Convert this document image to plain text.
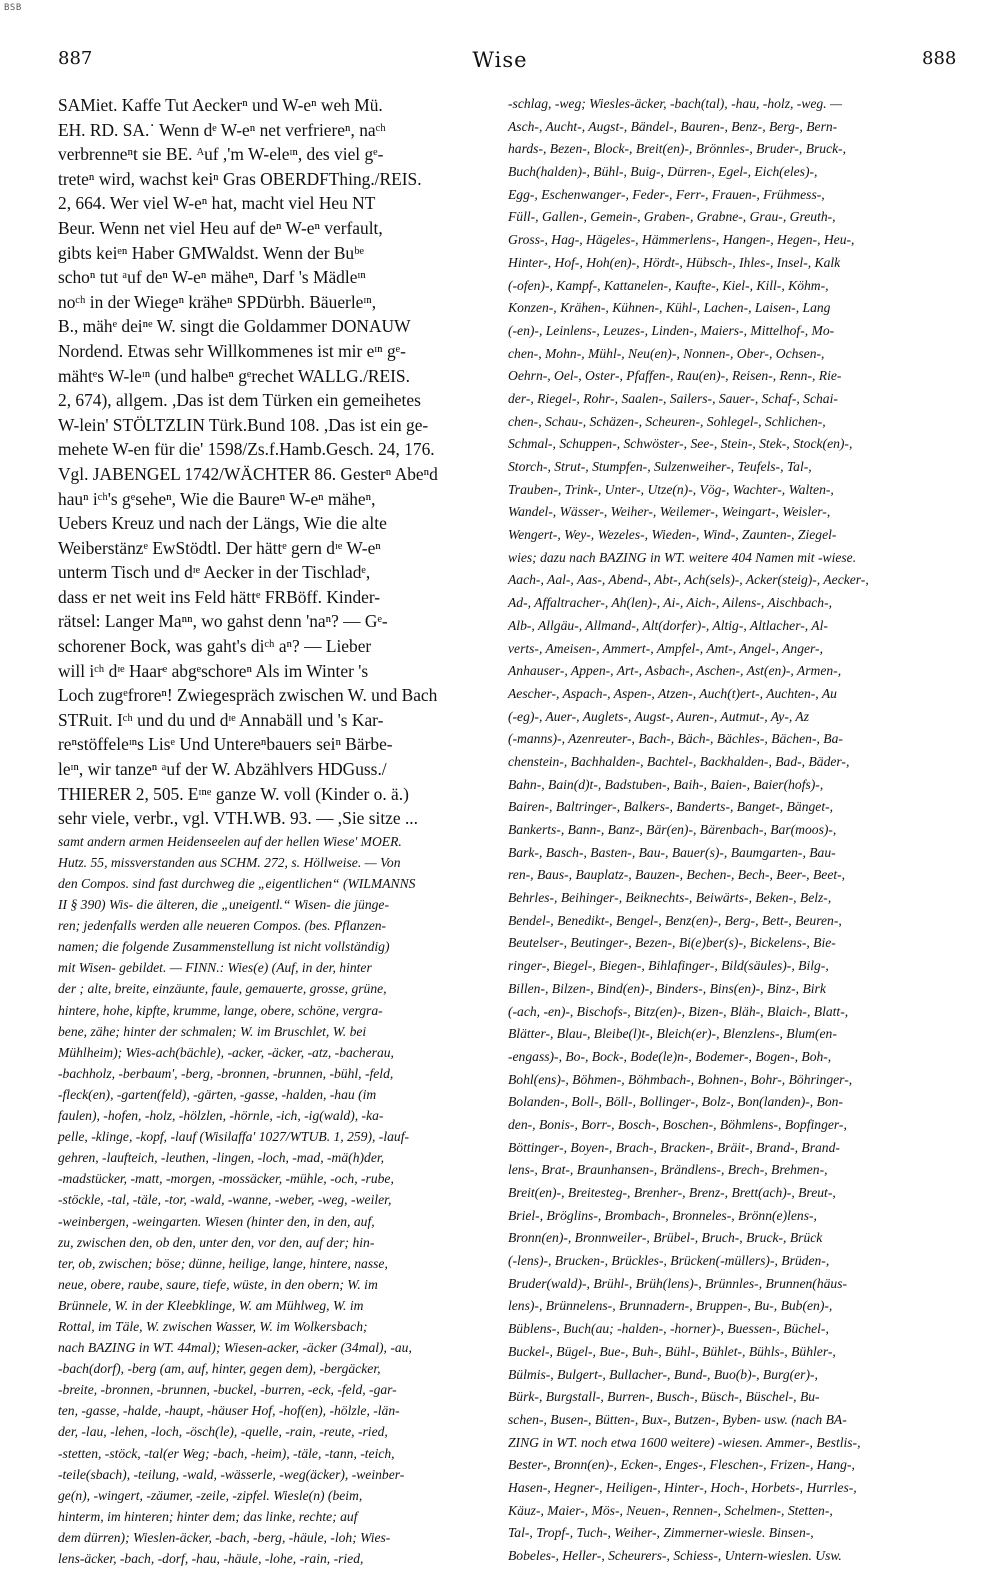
BSB
887	Wise	888
SAMiet. Kaffe Tut Aeckerⁿ und W-eⁿ weh Mü.
EH. RD. SA.˙ Wenn dᵉ W-eⁿ net verfriereⁿ, naᶜʰ
verbrenneⁿt sie BE. ᴬuf ,'m W-eleᶦⁿ, des viel gᵉ-
treteⁿ wird, wachst keiⁿ Gras OBERDFThing./REIS.
2, 664. Wer viel W-eⁿ hat, macht viel Heu NT
Beur. Wenn net viel Heu auf deⁿ W-eⁿ verfault,
gibts keiᵉⁿ Haber GMWaldst. Wenn der Buᵇᵉ
schoⁿ tut ᵃuf deⁿ W-eⁿ mäheⁿ, Darf 's Mädleᶦⁿ
noᶜʰ in der Wiegeⁿ kräheⁿ SPDürbh. Bäuerleᶦⁿ,
B., mähᵉ deiⁿᵉ W. singt die Goldammer DONAUW
Nordend. Etwas sehr Willkommenes ist mir eᶦⁿ gᵉ-
mähtᵉs W-leᶦⁿ (und halbeⁿ gᵉrechet WALLG./REIS.
2, 674), allgem. ,Das ist dem Türken ein gemeihetes
W-lein' STÖLTZLIN Türk.Bund 108. ,Das ist ein ge-
mehete W-en für die' 1598/Zs.f.Hamb.Gesch. 24, 176.
Vgl. JABENGEL 1742/WÄCHTER 86. Gesterⁿ Abeⁿd
hauⁿ iᶜʰ's gᵉseheⁿ, Wie die Baureⁿ W-eⁿ mäheⁿ,
Uebers Kreuz und nach der Längs, Wie die alte
Weiberstänzᵉ EwStödtl. Der hättᵉ gern dᶦᵉ W-eⁿ
unterm Tisch und dᶦᵉ Aecker in der Tischladᵉ,
dass er net weit ins Feld hättᵉ FRBöff. Kinder-
rätsel: Langer Maⁿⁿ, wo gahst denn 'naⁿ? — Gᵉ-
schorener Bock, was gaht's diᶜʰ aⁿ? — Lieber
will iᶜʰ dᶦᵉ Haarᵉ abgᵉschoreⁿ Als im Winter 's
Loch zugᵉfroreⁿ! Zwiegespräch zwischen W. und Bach
STRuit. Iᶜʰ und du und dᶦᵉ Annabäll und 's Kar-
reⁿstöffeleᶦⁿs Lisᵉ Und Untereⁿbauers seiⁿ Bärbe-
leᶦⁿ, wir tanzeⁿ ᵃuf der W. Abzählvers HDGuss./
THIERER 2, 505. Eᶦⁿᵉ ganze W. voll (Kinder o. ä.)
sehr viele, verbr., vgl. VTH.WB. 93. — ,Sie sitze ...
samt andern armen Heidenseelen auf der hellen Wiese' MOER.
Hutz. 55, missverstanden aus SCHM. 272, s. Höllweise. — Von
den Compos. sind fast durchweg die „eigentlichen“ (WILMANNS
II § 390) Wis- die älteren, die „uneigentl.“ Wisen- die jünge-
ren; jedenfalls werden alle neueren Compos. (bes. Pflanzen-
namen; die folgende Zusammenstellung ist nicht vollständig)
mit Wisen- gebildet. — FINN.: Wies(e) (Auf, in der, hinter
der ; alte, breite, einzäunte, faule, gemauerte, grosse, grüne,
hintere, hohe, kipfte, krumme, lange, obere, schöne, vergra-
bene, zähe; hinter der schmalen; W. im Bruschlet, W. bei
Mühlheim); Wies-ach(bächle), -acker, -äcker, -atz, -bacherau,
-bachholz, -berbaum', -berg, -bronnen, -brunnen, -bühl, -feld,
-fleck(en), -garten(feld), -gärten, -gasse, -halden, -hau (im
faulen), -hofen, -holz, -hölzlen, -hörnle, -ich, -ig(wald), -ka-
pelle, -klinge, -kopf, -lauf (Wisilaffa' 1027/WTUB. 1, 259), -lauf-
gehren, -laufteich, -leuthen, -lingen, -loch, -mad, -mä(h)der,
-madstücker, -matt, -morgen, -mossäcker, -mühle, -och, -rube,
-stöckle, -tal, -täle, -tor, -wald, -wanne, -weber, -weg, -weiler,
-weinbergen, -weingarten. Wiesen (hinter den, in den, auf,
zu, zwischen den, ob den, unter den, vor den, auf der; hin-
ter, ob, zwischen; böse; dünne, heilige, lange, hintere, nasse,
neue, obere, raube, saure, tiefe, wüste, in den obern; W. im
Brünnele, W. in der Kleebklinge, W. am Mühlweg, W. im
Rottal, im Täle, W. zwischen Wasser, W. im Wolkersbach;
nach BAZING in WT. 44mal); Wiesen-acker, -äcker (34mal), -au,
-bach(dorf), -berg (am, auf, hinter, gegen dem), -bergäcker,
-breite, -bronnen, -brunnen, -buckel, -burren, -eck, -feld, -gar-
ten, -gasse, -halde, -haupt, -häuser Hof, -hof(en), -hölzle, -län-
der, -lau, -lehen, -loch, -ösch(le), -quelle, -rain, -reute, -ried,
-stetten, -stöck, -tal(er Weg; -bach, -heim), -täle, -tann, -teich,
-teile(sbach), -teilung, -wald, -wässerle, -weg(äcker), -weinber-
ge(n), -wingert, -zäumer, -zeile, -zipfel. Wiesle(n) (beim,
hinterm, im hinteren; hinter dem; das linke, rechte; auf
dem dürren); Wieslen-äcker, -bach, -berg, -häule, -loh; Wies-
lens-äcker, -bach, -dorf, -hau, -häule, -lohe, -rain, -ried,
-schlag, -weg; Wiesles-äcker, -bach(tal), -hau, -holz, -weg. —
Asch-, Aucht-, Augst-, Bändel-, Bauren-, Benz-, Berg-, Bern-
hards-, Bezen-, Block-, Breit(en)-, Brönnles-, Bruder-, Bruck-,
Buch(halden)-, Bühl-, Buig-, Dürren-, Egel-, Eich(eles)-,
Egg-, Eschenwanger-, Feder-, Ferr-, Frauen-, Frühmess-,
Füll-, Gallen-, Gemein-, Graben-, Grabne-, Grau-, Greuth-,
Gross-, Hag-, Hägeles-, Hämmerlens-, Hangen-, Hegen-, Heu-,
Hinter-, Hof-, Hoh(en)-, Hördt-, Hübsch-, Ihles-, Insel-, Kalk
(-ofen)-, Kampf-, Kattanelen-, Kaufte-, Kiel-, Kill-, Köhm-,
Konzen-, Krähen-, Kühnen-, Kühl-, Lachen-, Laisen-, Lang
(-en)-, Leinlens-, Leuzes-, Linden-, Maiers-, Mittelhof-, Mo-
chen-, Mohn-, Mühl-, Neu(en)-, Nonnen-, Ober-, Ochsen-,
Oehrn-, Oel-, Oster-, Pfaffen-, Rau(en)-, Reisen-, Renn-, Rie-
der-, Riegel-, Rohr-, Saalen-, Sailers-, Sauer-, Schaf-, Schai-
chen-, Schau-, Schäzen-, Scheuren-, Sohlegel-, Schlichen-,
Schmal-, Schuppen-, Schwöster-, See-, Stein-, Stek-, Stock(en)-,
Storch-, Strut-, Stumpfen-, Sulzenweiher-, Teufels-, Tal-,
Trauben-, Trink-, Unter-, Utze(n)-, Vög-, Wachter-, Walten-,
Wandel-, Wässer-, Weiher-, Weilemer-, Weingart-, Weisler-,
Wengert-, Wey-, Wezeles-, Wieden-, Wind-, Zaunten-, Ziegel-
wies; dazu nach BAZING in WT. weitere 404 Namen mit -wiese.
Aach-, Aal-, Aas-, Abend-, Abt-, Ach(sels)-, Acker(steig)-, Aecker-,
Ad-, Affaltracher-, Ah(len)-, Ai-, Aich-, Ailens-, Aischbach-,
Alb-, Allgäu-, Allmand-, Alt(dorfer)-, Altig-, Altlacher-, Al-
verts-, Ameisen-, Ammert-, Ampfel-, Amt-, Angel-, Anger-,
Anhauser-, Appen-, Art-, Asbach-, Aschen-, Ast(en)-, Armen-,
Aescher-, Aspach-, Aspen-, Atzen-, Auch(t)ert-, Auchten-, Au
(-eg)-, Auer-, Auglets-, Augst-, Auren-, Autmut-, Ay-, Az
(-manns)-, Azenreuter-, Bach-, Bäch-, Bächles-, Bächen-, Ba-
chenstein-, Bachhalden-, Bachtel-, Backhalden-, Bad-, Bäder-,
Bahn-, Bain(d)t-, Badstuben-, Baih-, Baien-, Baier(hofs)-,
Bairen-, Baltringer-, Balkers-, Banderts-, Banget-, Bänget-,
Bankerts-, Bann-, Banz-, Bär(en)-, Bärenbach-, Bar(moos)-,
Bark-, Basch-, Basten-, Bau-, Bauer(s)-, Baumgarten-, Bau-
ren-, Baus-, Bauplatz-, Bauzen-, Bechen-, Bech-, Beer-, Beet-,
Behrles-, Beihinger-, Beiknechts-, Beiwärts-, Beken-, Belz-,
Bendel-, Benedikt-, Bengel-, Benz(en)-, Berg-, Bett-, Beuren-,
Beutelser-, Beutinger-, Bezen-, Bi(e)ber(s)-, Bickelens-, Bie-
ringer-, Biegel-, Biegen-, Bihlafinger-, Bild(säules)-, Bilg-,
Billen-, Bilzen-, Bind(en)-, Binders-, Bins(en)-, Binz-, Birk
(-ach, -en)-, Bischofs-, Bitz(en)-, Bizen-, Bläh-, Blaich-, Blatt-,
Blätter-, Blau-, Bleibe(l)t-, Bleich(er)-, Blenzlens-, Blum(en-
-engass)-, Bo-, Bock-, Bode(le)n-, Bodemer-, Bogen-, Boh-,
Bohl(ens)-, Böhmen-, Böhmbach-, Bohnen-, Bohr-, Böhringer-,
Bolanden-, Boll-, Böll-, Bollinger-, Bolz-, Bon(landen)-, Bon-
den-, Bonis-, Borr-, Bosch-, Boschen-, Böhmlens-, Bopfinger-,
Böttinger-, Boyen-, Brach-, Bracken-, Bräit-, Brand-, Brand-
lens-, Brat-, Braunhansen-, Brändlens-, Brech-, Brehmen-,
Breit(en)-, Breitesteg-, Brenher-, Brenz-, Brett(ach)-, Breut-,
Briel-, Bröglins-, Brombach-, Bronneles-, Brönn(e)lens-,
Bronn(en)-, Bronnweiler-, Brübel-, Bruch-, Bruck-, Brück
(-lens)-, Brucken-, Brückles-, Brücken(-müllers)-, Brüden-,
Bruder(wald)-, Brühl-, Brüh(lens)-, Brünnles-, Brunnen(häus-
lens)-, Brünnelens-, Brunnadern-, Bruppen-, Bu-, Bub(en)-,
Büblens-, Buch(au; -halden-, -horner)-, Buessen-, Büchel-,
Buckel-, Bügel-, Bue-, Buh-, Bühl-, Bühlet-, Bühls-, Bühler-,
Bülmis-, Bulgert-, Bullacher-, Bund-, Buo(b)-, Burg(er)-,
Bürk-, Burgstall-, Burren-, Busch-, Büsch-, Büschel-, Bu-
schen-, Busen-, Bütten-, Bux-, Butzen-, Byben- usw. (nach BA-
ZING in WT. noch etwa 1600 weitere) -wiesen. Ammer-, Bestlis-,
Bester-, Bronn(en)-, Ecken-, Enges-, Fleschen-, Frizen-, Hang-,
Hasen-, Hegner-, Heiligen-, Hinter-, Hoch-, Horbets-, Hurrles-,
Käuz-, Maier-, Mös-, Neuen-, Rennen-, Schelmen-, Stetten-,
Tal-, Tropf-, Tuch-, Weiher-, Zimmerner-wiesle. Binsen-,
Bobeles-, Heller-, Scheurers-, Schiess-, Untern-wieslen. Usw.
